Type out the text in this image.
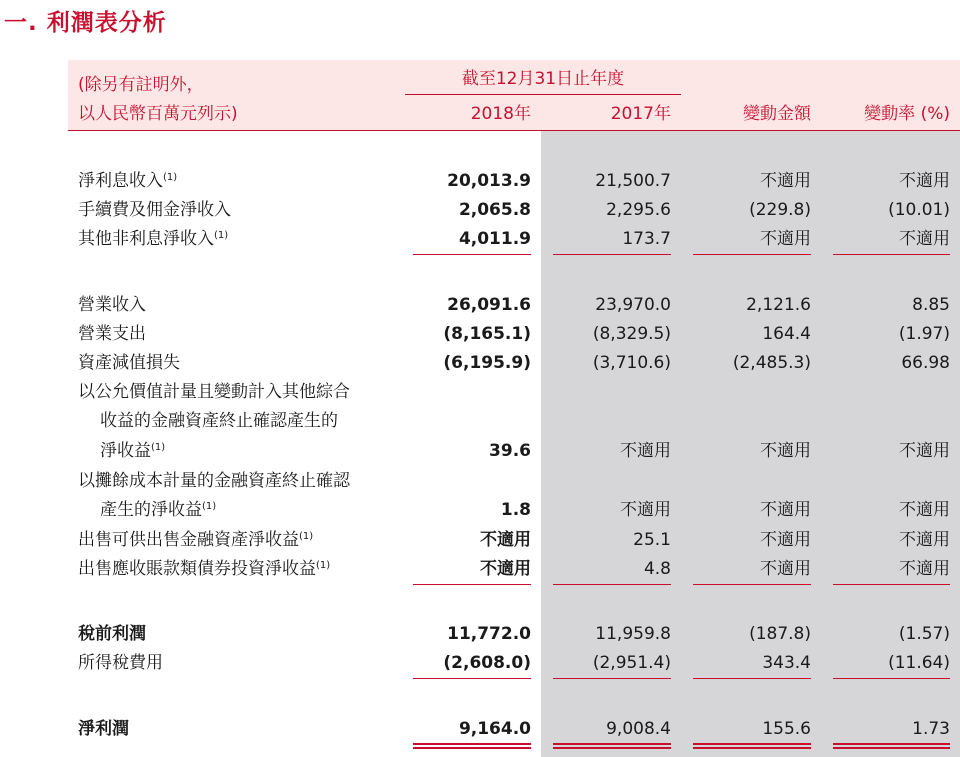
一. 利潤表分析
(除另有註明外，
以人民幣百萬元列示)
截至12月31日止年度
2018年	2017年	變動金額	變動率 (%)
淨利息收入$^{(1)}$	20,013.9	21,500.7	不適用	不適用
手續費及佣金淨收入	2,065.8	2,295.6	(229.8)	(10.01)
其他非利息淨收入$^{(1)}$	4,011.9	173.7	不適用	不適用
營業收入	26,091.6	23,970.0	2,121.6	8.85
營業支出	(8,165.1)	(8,329.5)	164.4	(1.97)
資產減值損失	(6,195.9)	(3,710.6)	(2,485.3)	66.98
以公允價值計量且變動計入其他綜合
收益的金融資產終止確認產生的
淨收益$^{(1)}$	39.6	不適用	不適用	不適用
以攤餘成本計量的金融資產終止確認
產生的淨收益$^{(1)}$	1.8	不適用	不適用	不適用
出售可供出售金融資產淨收益$^{(1)}$	不適用	25.1	不適用	不適用
出售應收賬款類債券投資淨收益$^{(1)}$	不適用	4.8	不適用	不適用
稅前利潤	11,772.0	11,959.8	(187.8)	(1.57)
所得稅費用	(2,608.0)	(2,951.4)	343.4	(11.64)
淨利潤	9,164.0	9,008.4	155.6	1.73
